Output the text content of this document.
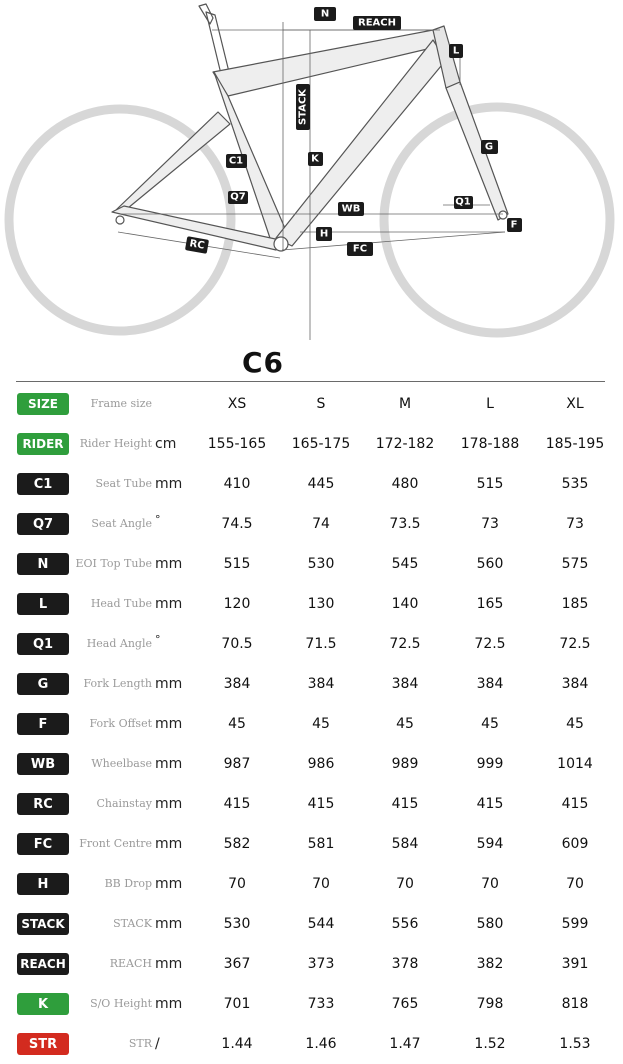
N
REACH
L
STACK
G
C1	K
Q7
WB
Q1
F
RC
H
FC
C6
SIZE	Frame size	XS	S	M	L	XL
RIDER	Rider Height cm	155-165	165-175	172-182	178-188	185-195
C1	Seat Tube mm	410	445	480	515	535
Q7	Seat Angle °	74.5	74	73.5	73	73
N	EOI Top Tube mm	515	530	545	560	575
L	Head Tube mm	120	130	140	165	185
Q1	Head Angle °	70.5	71.5	72.5	72.5	72.5
G	Fork Length mm	384	384	384	384	384
F	Fork Offset mm	45	45	45	45	45
WB	Wheelbase mm	987	986	989	999	1014
RC	Chainstay mm	415	415	415	415	415
FC	Front Centre mm	582	581	584	594	609
H	BB Drop mm	70	70	70	70	70
STACK	STACK mm	530	544	556	580	599
REACH	REACH mm	367	373	378	382	391
K	S/O Height mm	701	733	765	798	818
STR	STR /	1.44	1.46	1.47	1.52	1.53
